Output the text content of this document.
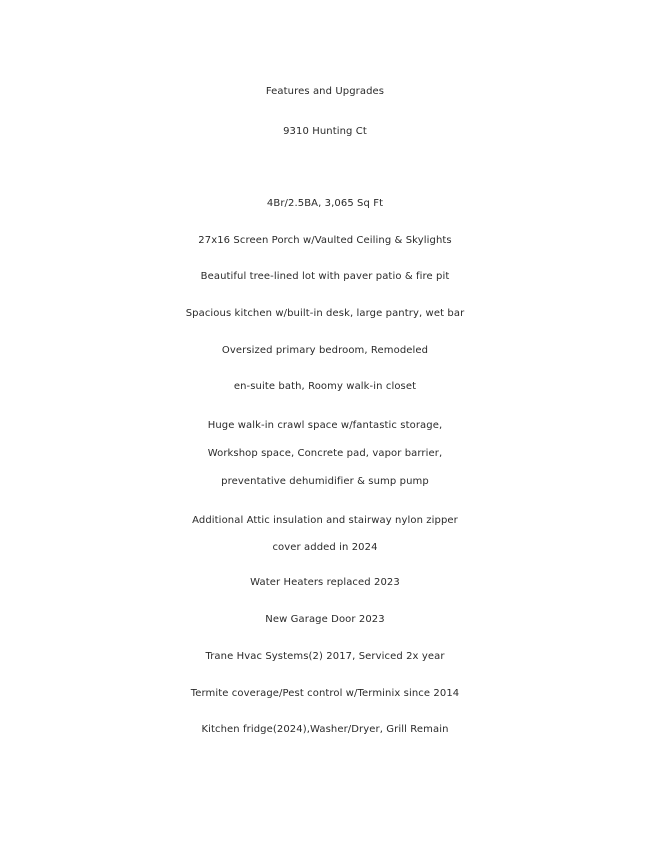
Features and Upgrades
9310 Hunting Ct
4Br/2.5BA, 3,065 Sq Ft
27x16 Screen Porch w/Vaulted Ceiling & Skylights
Beautiful tree-lined lot with paver patio & fire pit
Spacious kitchen w/built-in desk, large pantry, wet bar
Oversized primary bedroom, Remodeled
en-suite bath, Roomy walk-in closet
Huge walk-in crawl space w/fantastic storage,
Workshop space, Concrete pad, vapor barrier,
preventative dehumidifier & sump pump
Additional Attic insulation and stairway nylon zipper
cover added in 2024
Water Heaters replaced 2023
New Garage Door 2023
Trane Hvac Systems(2) 2017, Serviced 2x year
Termite coverage/Pest control w/Terminix since 2014
Kitchen fridge(2024),Washer/Dryer, Grill Remain
